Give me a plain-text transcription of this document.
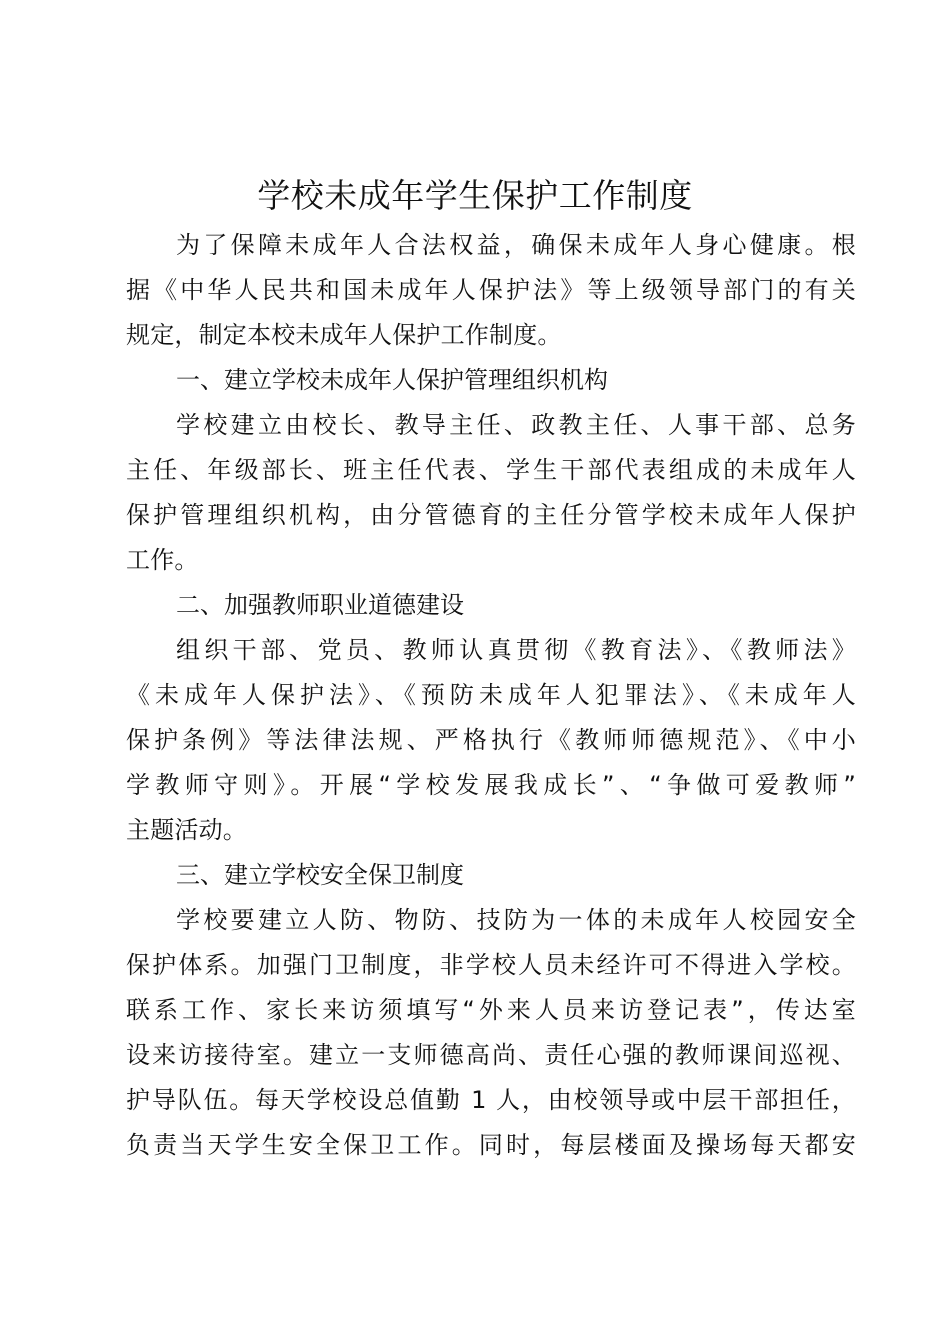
学校未成年学生保护工作制度
为了保障未成年人合法权益，确保未成年人身心健康。根
据《中华人民共和国未成年人保护法》等上级领导部门的有关
规定，制定本校未成年人保护工作制度。
一、建立学校未成年人保护管理组织机构
学校建立由校长、教导主任、政教主任、人事干部、总务
主任、年级部长、班主任代表、学生干部代表组成的未成年人
保护管理组织机构，由分管德育的主任分管学校未成年人保护
工作。
二、加强教师职业道德建设
组织干部、党员、教师认真贯彻《教育法》、《教师法》
《未成年人保护法》、《预防未成年人犯罪法》、《未成年人
保护条例》等法律法规、严格执行《教师师德规范》、《中小
学教师守则》。开展“学校发展我成长”、“争做可爱教师”
主题活动。
三、建立学校安全保卫制度
学校要建立人防、物防、技防为一体的未成年人校园安全
保护体系。加强门卫制度，非学校人员未经许可不得进入学校。
联系工作、家长来访须填写“外来人员来访登记表”，传达室
设来访接待室。建立一支师德高尚、责任心强的教师课间巡视、
护导队伍。每天学校设总值勤 1 人，由校领导或中层干部担任，
负责当天学生安全保卫工作。同时，每层楼面及操场每天都安
